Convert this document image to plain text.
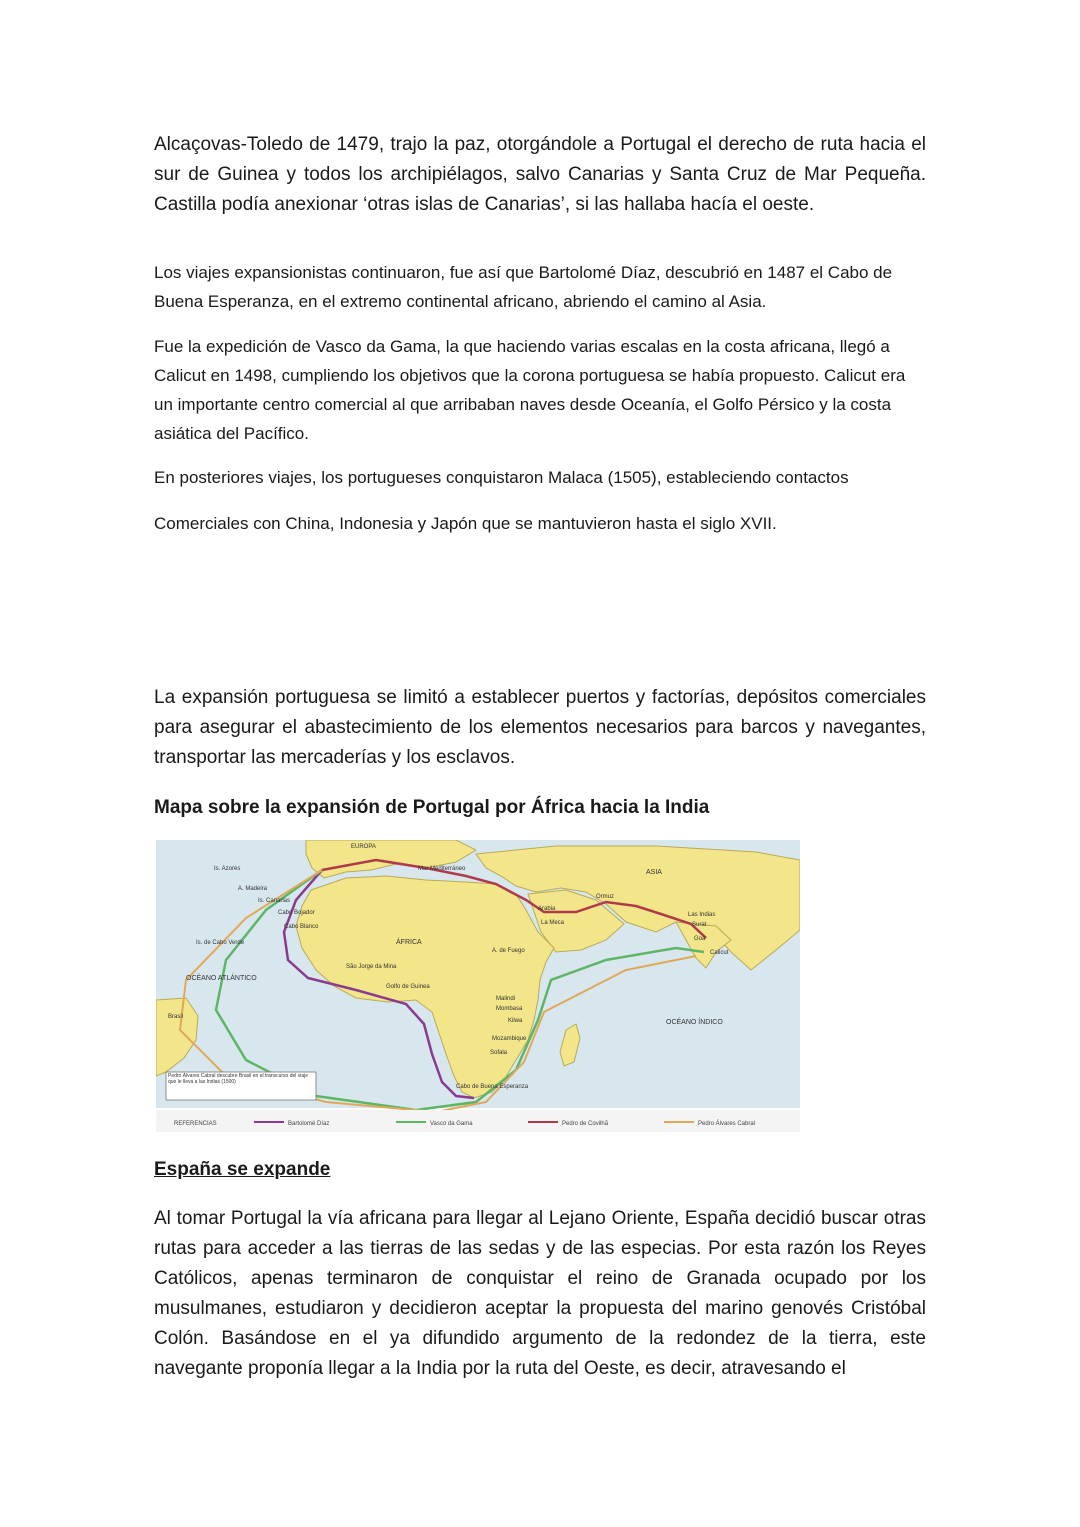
Alcaçovas-Toledo de 1479, trajo la paz, otorgándole a Portugal el derecho de ruta hacia el sur de Guinea y todos los archipiélagos, salvo Canarias y Santa Cruz de Mar Pequeña. Castilla podía anexionar ‘otras islas de Canarias’, si las hallaba hacía el oeste.

Los viajes expansionistas continuaron, fue así que Bartolomé Díaz, descubrió en 1487 el Cabo de Buena Esperanza, en el extremo continental africano, abriendo el camino al Asia.

Fue la expedición de Vasco da Gama, la que haciendo varias escalas en la costa africana, llegó a Calicut en 1498, cumpliendo los objetivos que la corona portuguesa se había propuesto. Calicut era un importante centro comercial al que arribaban naves desde Oceanía, el Golfo Pérsico y la costa asiática del Pacífico.

En posteriores viajes, los portugueses conquistaron Malaca (1505), estableciendo contactos

Comerciales con China, Indonesia y Japón que se mantuvieron hasta el siglo XVII.

La expansión portuguesa se limitó a establecer puertos y factorías, depósitos comerciales para asegurar el abastecimiento de los elementos necesarios para barcos y navegantes, transportar las mercaderías y los esclavos.

Mapa sobre la expansión de Portugal por África hacia la India

EUROPA
Is. Azores
A. Madeira
Is. Canarias
Cabo Bojador
Cabo Blanco
Is. de Cabo Verde
OCÉANO ATLÁNTICO
Brasil
ÁFRICA
São Jorge da Mina
Golfo de Guinea
Mar Mediterráneo	ASIA
Arabia
Ormuz
La Meca
A. de Fuego
Las Indias
Surat
Goa
Calicut
Malindi
Mombasa
Kilwa
Mozambique
Sofala
OCÉANO ÍNDICO
Cabo de Buena Esperanza
Pedro Álvares Cabral descubre Brasil en el transcurso del viaje que le lleva a las Indias (1500)
REFERENCIAS	Bartolomé Díaz	Vasco da Gama	Pedro de Covilhã	Pedro Álvares Cabral

España se expande

Al tomar Portugal la vía africana para llegar al Lejano Oriente, España decidió buscar otras rutas para acceder a las tierras de las sedas y de las especias. Por esta razón los Reyes Católicos, apenas terminaron de conquistar el reino de Granada ocupado por los musulmanes, estudiaron y decidieron aceptar la propuesta del marino genovés Cristóbal Colón. Basándose en el ya difundido argumento de la redondez de la tierra, este navegante proponía llegar a la India por la ruta del Oeste, es decir, atravesando el
